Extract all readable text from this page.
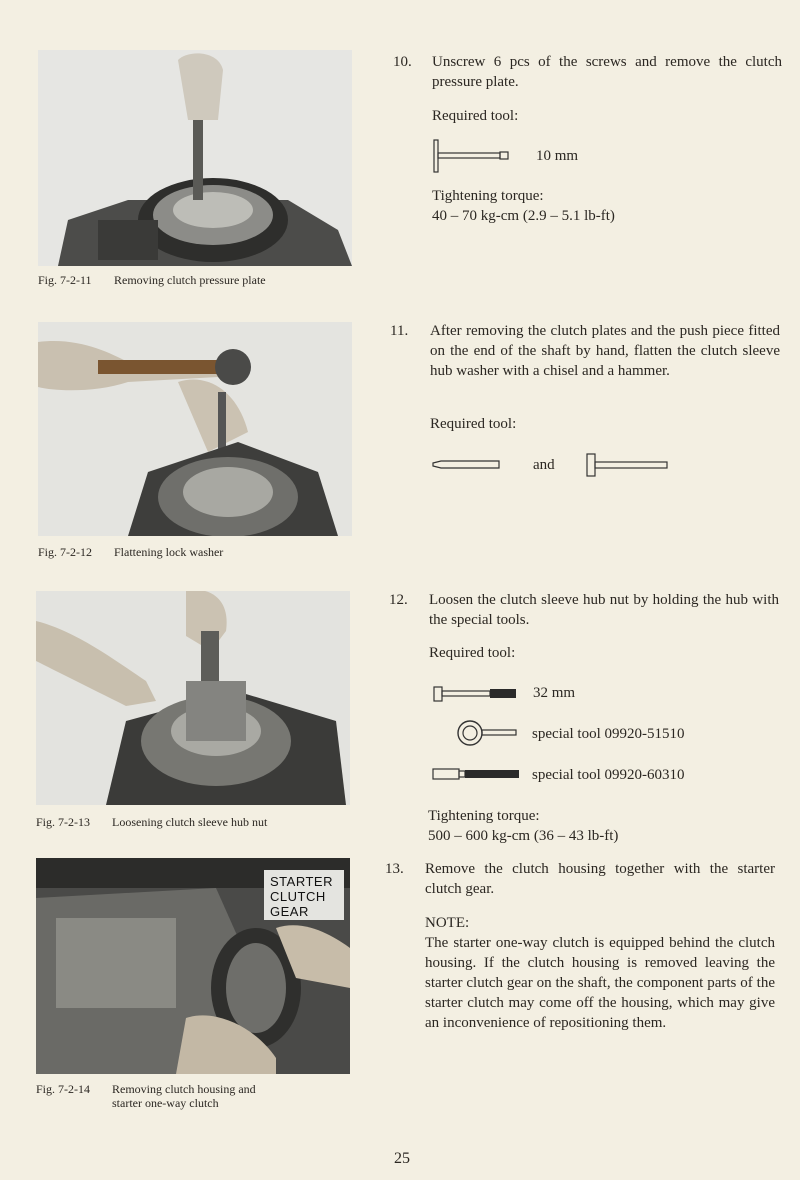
Fig. 7-2-11 Removing clutch pressure plate
Fig. 7-2-12 Flattening lock washer
Fig. 7-2-13 Loosening clutch sleeve hub nut
STARTER
CLUTCH
GEAR
Fig. 7-2-14 Removing clutch housing and
starter one-way clutch
10. Unscrew 6 pcs of the screws and remove the clutch pressure plate.
Required tool:
10 mm
Tightening torque:
40 – 70 kg-cm (2.9 – 5.1 lb-ft)
11. After removing the clutch plates and the push piece fitted on the end of the shaft by hand, flatten the clutch sleeve hub washer with a chisel and a hammer.
Required tool:
and
12. Loosen the clutch sleeve hub nut by holding the hub with the special tools.
Required tool:
32 mm
special tool 09920-51510
special tool 09920-60310
Tightening torque:
500 – 600 kg-cm (36 – 43 lb-ft)
13. Remove the clutch housing together with the starter clutch gear.
NOTE:
The starter one-way clutch is equipped behind the clutch housing. If the clutch housing is removed leaving the starter clutch gear on the shaft, the component parts of the starter clutch may come off the housing, which may give an inconvenience of repositioning them.
25
